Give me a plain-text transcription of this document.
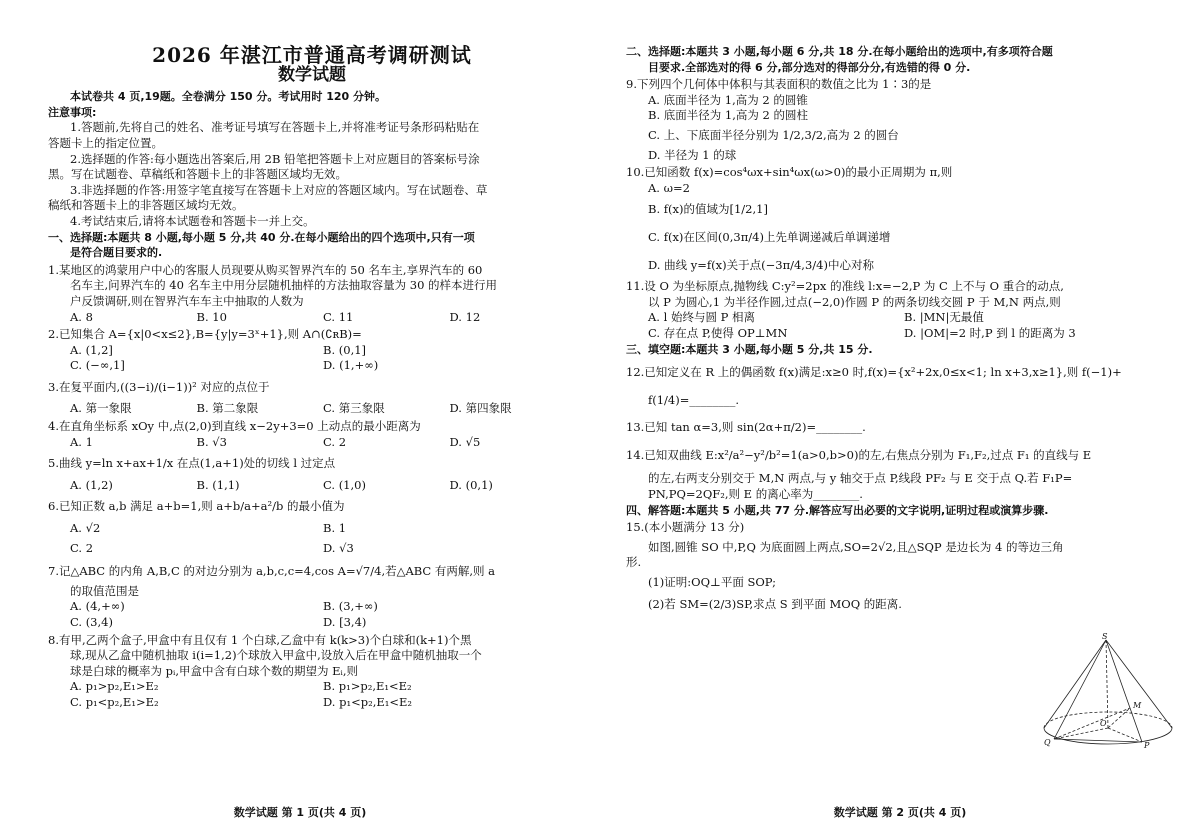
2026 年湛江市普通高考调研测试
数学试题
本试卷共 4 页,19题。全卷满分 150 分。考试用时 120 分钟。
注意事项:
1.答题前,先将自己的姓名、准考证号填写在答题卡上,并将准考证号条形码粘贴在
答题卡上的指定位置。
2.选择题的作答:每小题选出答案后,用 2B 铅笔把答题卡上对应题目的答案标号涂
黑。写在试题卷、草稿纸和答题卡上的非答题区域均无效。
3.非选择题的作答:用签字笔直接写在答题卡上对应的答题区域内。写在试题卷、草
稿纸和答题卡上的非答题区域均无效。
4.考试结束后,请将本试题卷和答题卡一并上交。
一、选择题:本题共 8 小题,每小题 5 分,共 40 分.在每小题给出的四个选项中,只有一项
是符合题目要求的.
1.某地区的鸿蒙用户中心的客服人员现要从购买智界汽车的 50 名车主,享界汽车的 60
名车主,问界汽车的 40 名车主中用分层随机抽样的方法抽取容量为 30 的样本进行用
户反馈调研,则在智界汽车车主中抽取的人数为
A. 8	B. 10	C. 11	D. 12
2.已知集合 A={x|0<x≤2},B={y|y=3ˣ+1},则 A∩(∁ʀB)=
A. (1,2]	B. (0,1]
C. (−∞,1]	D. (1,+∞)
3.在复平面内,((3−i)/(i−1))² 对应的点位于
A. 第一象限	B. 第二象限	C. 第三象限	D. 第四象限
4.在直角坐标系 xOy 中,点(2,0)到直线 x−2y+3=0 上动点的最小距离为
A. 1	B. √3	C. 2	D. √5
5.曲线 y=ln x+ax+1/x 在点(1,a+1)处的切线 l 过定点
A. (1,2)	B. (1,1)	C. (1,0)	D. (0,1)
6.已知正数 a,b 满足 a+b=1,则 a+b/a+a²/b 的最小值为
A. √2	B. 1
C. 2	D. √3
7.记△ABC 的内角 A,B,C 的对边分别为 a,b,c,c=4,cos A=√7/4,若△ABC 有两解,则 a
的取值范围是
A. (4,+∞)	B. (3,+∞)
C. (3,4)	D. [3,4)
8.有甲,乙两个盒子,甲盒中有且仅有 1 个白球,乙盒中有 k(k>3)个白球和(k+1)个黑
球,现从乙盒中随机抽取 i(i=1,2)个球放入甲盒中,设放入后在甲盒中随机抽取一个
球是白球的概率为 pᵢ,甲盒中含有白球个数的期望为 Eᵢ,则
A. p₁>p₂,E₁>E₂	B. p₁>p₂,E₁<E₂
C. p₁<p₂,E₁>E₂	D. p₁<p₂,E₁<E₂
数学试题 第 1 页(共 4 页)
二、选择题:本题共 3 小题,每小题 6 分,共 18 分.在每小题给出的选项中,有多项符合题
目要求.全部选对的得 6 分,部分选对的得部分分,有选错的得 0 分.
9.下列四个几何体中体积与其表面积的数值之比为 1∶3的是
A. 底面半径为 1,高为 2 的圆锥
B. 底面半径为 1,高为 2 的圆柱
C. 上、下底面半径分别为 1/2,3/2,高为 2 的圆台
D. 半径为 1 的球
10.已知函数 f(x)=cos⁴ωx+sin⁴ωx(ω>0)的最小正周期为 π,则
A. ω=2
B. f(x)的值域为[1/2,1]
C. f(x)在区间(0,3π/4)上先单调递减后单调递增
D. 曲线 y=f(x)关于点(−3π/4,3/4)中心对称
11.设 O 为坐标原点,抛物线 C:y²=2px 的准线 l:x=−2,P 为 C 上不与 O 重合的动点,
以 P 为圆心,1 为半径作圆,过点(−2,0)作圆 P 的两条切线交圆 P 于 M,N 两点,则
A. l 始终与圆 P 相离	B. |MN|无最值
C. 存在点 P,使得 OP⊥MN	D. |OM|=2 时,P 到 l 的距离为 3
三、填空题:本题共 3 小题,每小题 5 分,共 15 分.
12.已知定义在 R 上的偶函数 f(x)满足:x≥0 时,f(x)={x²+2x,0≤x<1; ln x+3,x≥1},则 f(−1)+
f(1/4)=________.
13.已知 tan α=3,则 sin(2α+π/2)=________.
14.已知双曲线 E:x²/a²−y²/b²=1(a>0,b>0)的左,右焦点分别为 F₁,F₂,过点 F₁ 的直线与 E
的左,右两支分别交于 M,N 两点,与 y 轴交于点 P,线段 PF₂ 与 E 交于点 Q.若 F₁P=
PN,PQ=2QF₂,则 E 的离心率为________.
四、解答题:本题共 5 小题,共 77 分.解答应写出必要的文字说明,证明过程或演算步骤.
15.(本小题满分 13 分)
如图,圆锥 SO 中,P,Q 为底面圆上两点,SO=2√2,且△SQP 是边长为 4 的等边三角
形.
(1)证明:OQ⊥平面 SOP;
(2)若 SM=(2/3)SP,求点 S 到平面 MOQ 的距离.
S
M
O
Q	P
数学试题 第 2 页(共 4 页)
